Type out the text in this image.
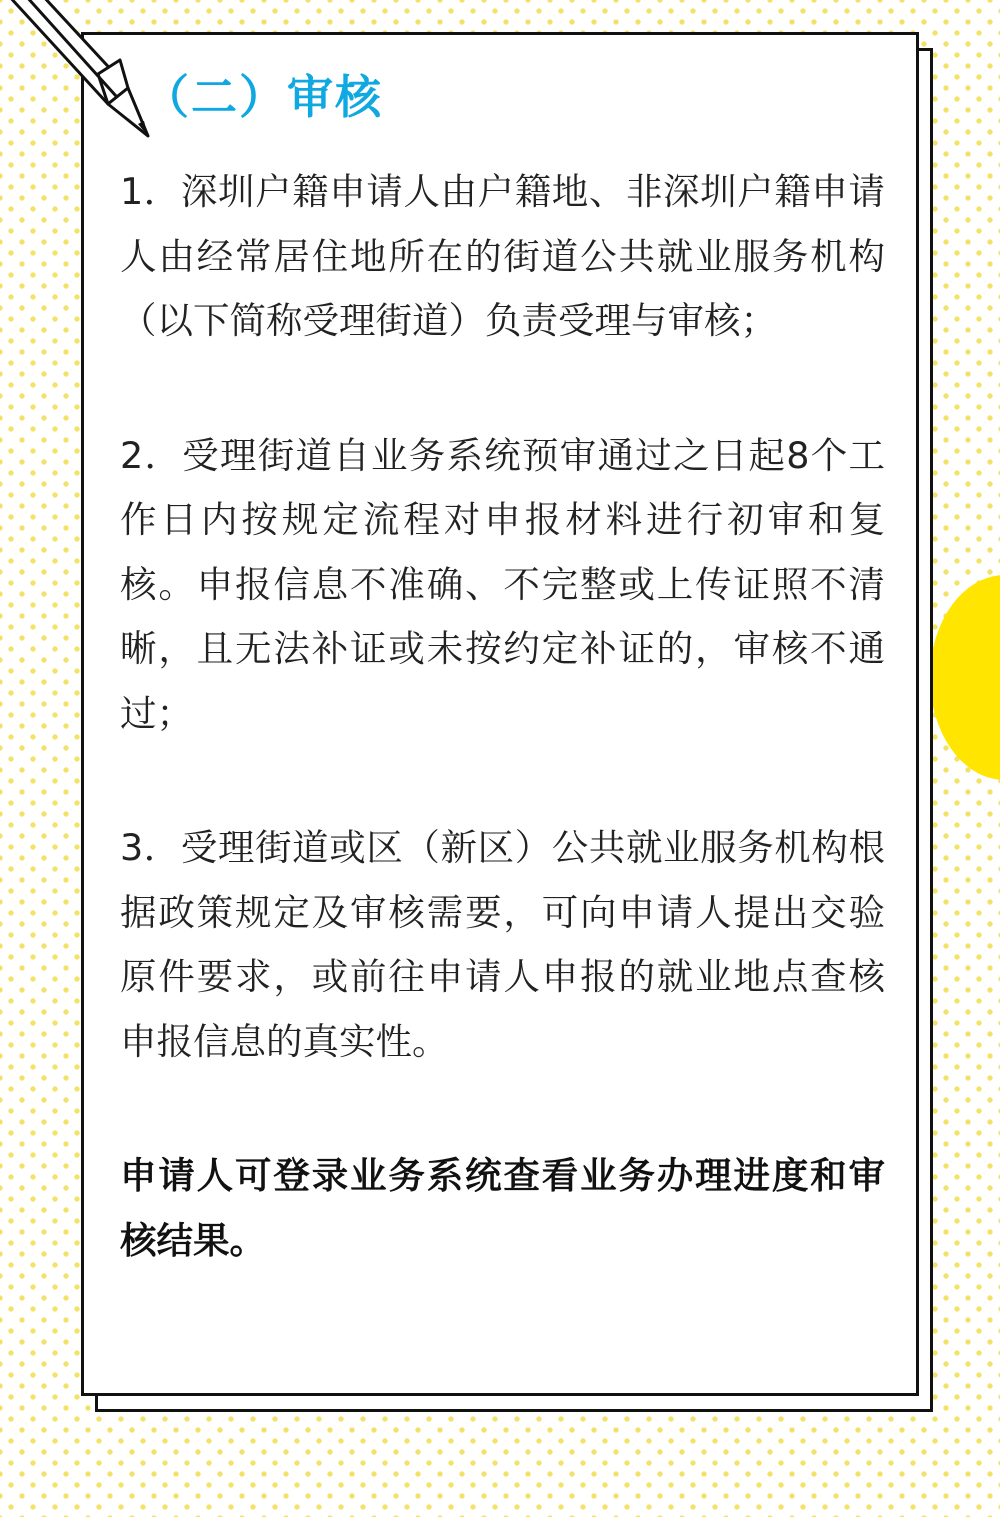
（二）审核

1．深圳户籍申请人由户籍地、非深圳户籍申请人由经常居住地所在的街道公共就业服务机构（以下简称受理街道）负责受理与审核；

2．受理街道自业务系统预审通过之日起8个工作日内按规定流程对申报材料进行初审和复核。申报信息不准确、不完整或上传证照不清晰，且无法补证或未按约定补证的，审核不通过；

3．受理街道或区（新区）公共就业服务机构根据政策规定及审核需要，可向申请人提出交验原件要求，或前往申请人申报的就业地点查核申报信息的真实性。

申请人可登录业务系统查看业务办理进度和审核结果。
